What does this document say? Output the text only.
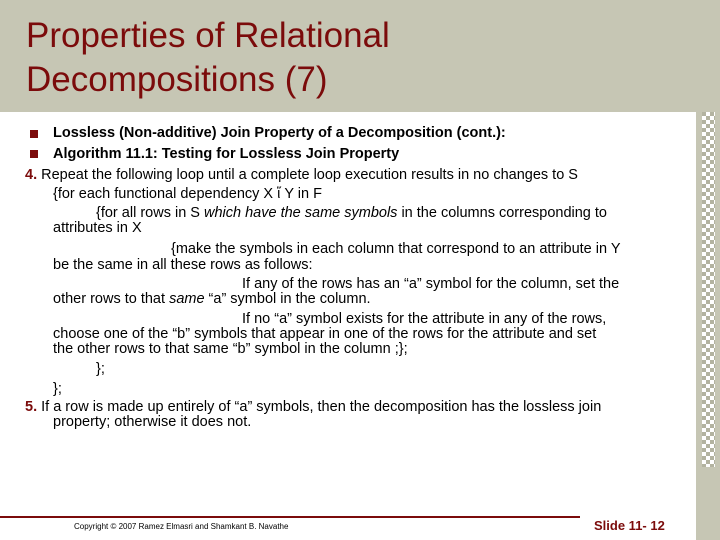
Properties of Relational
Decompositions (7)
Lossless (Non-additive) Join Property of a Decomposition (cont.):
Algorithm 11.1: Testing for Lossless Join Property
4. Repeat the following loop until a complete loop execution results in no changes to S
{for each functional dependency X ἵ Y in F
{for all rows in S which have the same symbols in the columns corresponding to
attributes in X
{make the symbols in each column that correspond to an attribute in Y
be the same in all these rows as follows:
If any of the rows has an “a” symbol for the column, set the
other rows to that same “a” symbol in the column.
If no “a” symbol exists for the attribute in any of the rows,
choose one of the “b” symbols that appear in one of the rows for the attribute and set
the other rows to that same “b” symbol in the column ;};
};
};
5. If a row is made up entirely of “a” symbols, then the decomposition has the lossless join
property; otherwise it does not.
Copyright © 2007 Ramez Elmasri and Shamkant B. Navathe	Slide 11- 12
